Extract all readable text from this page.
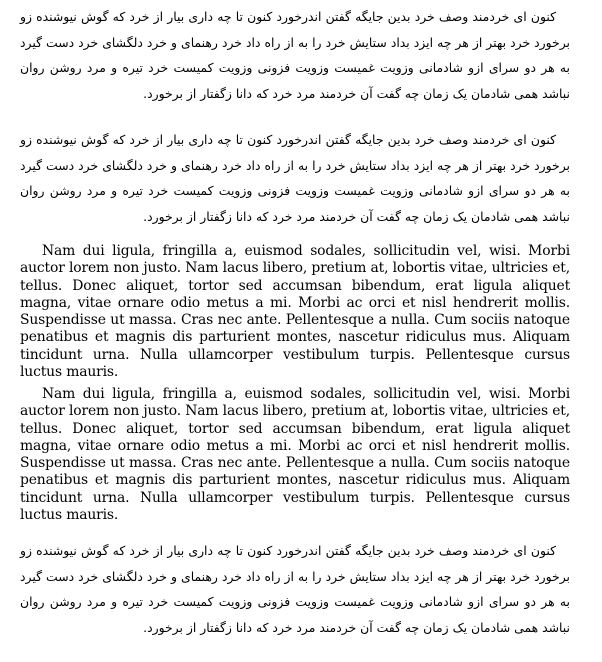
کنون ای خردمند وصف خرد بدین جایگه گفتن اندرخورد کنون تا چه داری بیار از خرد که گوش نیوشنده زو برخورد خرد بهتر از هر چه ایزد بداد ستایش خرد را به از راه داد خرد رهنمای و خرد دلگشای خرد دست گیرد به هر دو سرای ازو شادمانی وزویت غمیست وزویت فزونی وزویت کمیست خرد تیره و مرد روشن روان نباشد همی شادمان یک زمان چه گفت آن خردمند مرد خرد که دانا زگفتار از برخورد.

کنون ای خردمند وصف خرد بدین جایگه گفتن اندرخورد کنون تا چه داری بیار از خرد که گوش نیوشنده زو برخورد خرد بهتر از هر چه ایزد بداد ستایش خرد را به از راه داد خرد رهنمای و خرد دلگشای خرد دست گیرد به هر دو سرای ازو شادمانی وزویت غمیست وزویت فزونی وزویت کمیست خرد تیره و مرد روشن روان نباشد همی شادمان یک زمان چه گفت آن خردمند مرد خرد که دانا زگفتار از برخورد.

Nam dui ligula, fringilla a, euismod sodales, sollicitudin vel, wisi. Morbi auctor lorem non justo. Nam lacus libero, pretium at, lobortis vitae, ultricies et, tellus. Donec aliquet, tortor sed accumsan bibendum, erat ligula aliquet magna, vitae ornare odio metus a mi. Morbi ac orci et nisl hendrerit mollis. Suspendisse ut massa. Cras nec ante. Pellentesque a nulla. Cum sociis natoque penatibus et magnis dis parturient montes, nascetur ridiculus mus. Aliquam tincidunt urna. Nulla ullamcorper vestibulum turpis. Pellentesque cursus luctus mauris.

Nam dui ligula, fringilla a, euismod sodales, sollicitudin vel, wisi. Morbi auctor lorem non justo. Nam lacus libero, pretium at, lobortis vitae, ultricies et, tellus. Donec aliquet, tortor sed accumsan bibendum, erat ligula aliquet magna, vitae ornare odio metus a mi. Morbi ac orci et nisl hendrerit mollis. Suspendisse ut massa. Cras nec ante. Pellentesque a nulla. Cum sociis natoque penatibus et magnis dis parturient montes, nascetur ridiculus mus. Aliquam tincidunt urna. Nulla ullamcorper vestibulum turpis. Pellentesque cursus luctus mauris.

کنون ای خردمند وصف خرد بدین جایگه گفتن اندرخورد کنون تا چه داری بیار از خرد که گوش نیوشنده زو برخورد خرد بهتر از هر چه ایزد بداد ستایش خرد را به از راه داد خرد رهنمای و خرد دلگشای خرد دست گیرد به هر دو سرای ازو شادمانی وزویت غمیست وزویت فزونی وزویت کمیست خرد تیره و مرد روشن روان نباشد همی شادمان یک زمان چه گفت آن خردمند مرد خرد که دانا زگفتار از برخورد.
